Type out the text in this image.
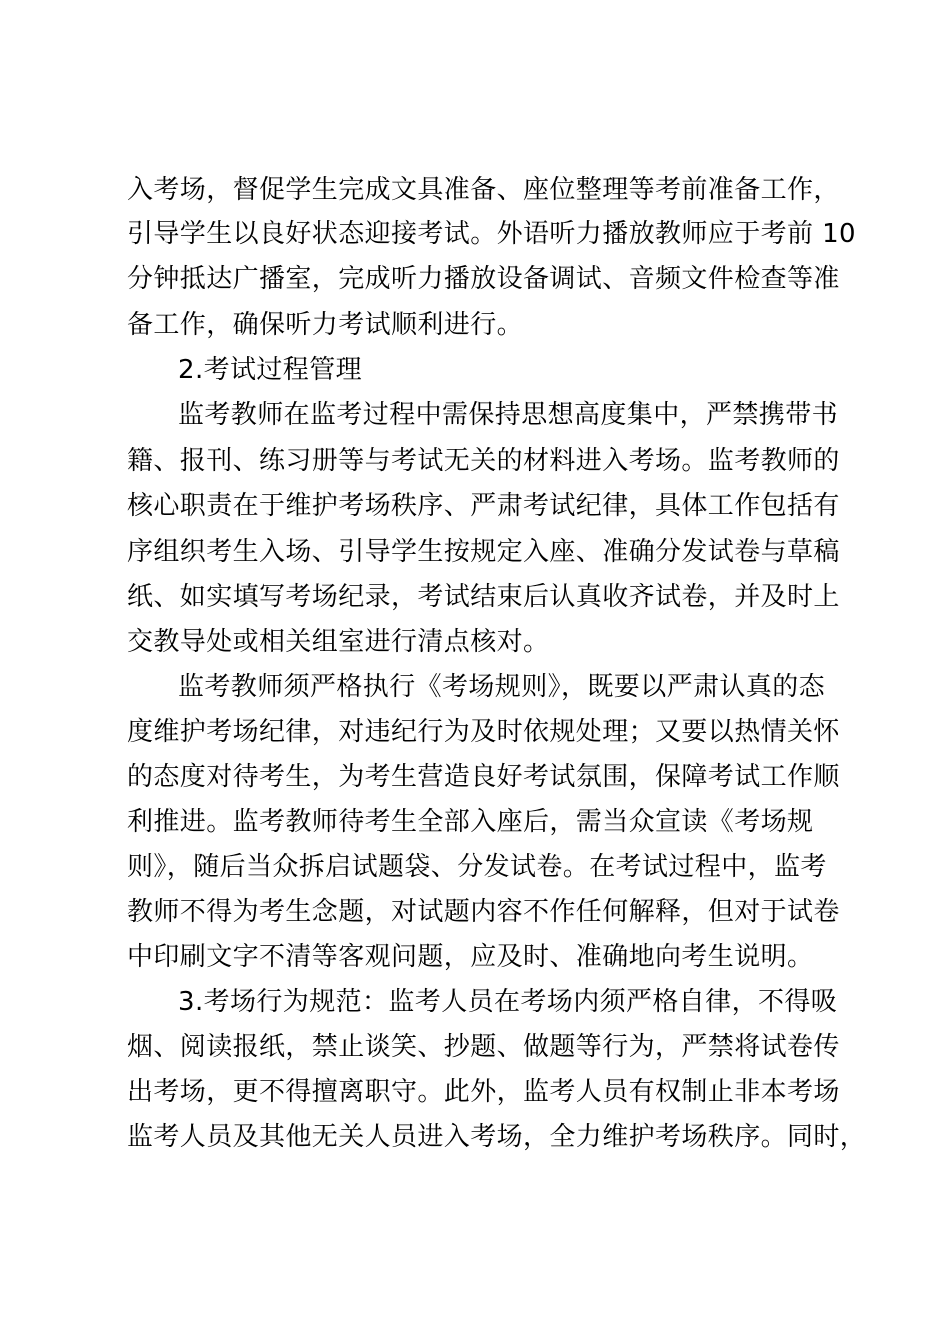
入考场，督促学生完成文具准备、座位整理等考前准备工作，
引导学生以良好状态迎接考试。外语听力播放教师应于考前 10
分钟抵达广播室，完成听力播放设备调试、音频文件检查等准
备工作，确保听力考试顺利进行。
2.考试过程管理
监考教师在监考过程中需保持思想高度集中，严禁携带书
籍、报刊、练习册等与考试无关的材料进入考场。监考教师的
核心职责在于维护考场秩序、严肃考试纪律，具体工作包括有
序组织考生入场、引导学生按规定入座、准确分发试卷与草稿
纸、如实填写考场纪录，考试结束后认真收齐试卷，并及时上
交教导处或相关组室进行清点核对。
监考教师须严格执行《考场规则》，既要以严肃认真的态
度维护考场纪律，对违纪行为及时依规处理；又要以热情关怀
的态度对待考生，为考生营造良好考试氛围，保障考试工作顺
利推进。监考教师待考生全部入座后，需当众宣读《考场规
则》，随后当众拆启试题袋、分发试卷。在考试过程中，监考
教师不得为考生念题，对试题内容不作任何解释，但对于试卷
中印刷文字不清等客观问题，应及时、准确地向考生说明。
3.考场行为规范：监考人员在考场内须严格自律，不得吸
烟、阅读报纸，禁止谈笑、抄题、做题等行为，严禁将试卷传
出考场，更不得擅离职守。此外，监考人员有权制止非本考场
监考人员及其他无关人员进入考场，全力维护考场秩序。同时，
